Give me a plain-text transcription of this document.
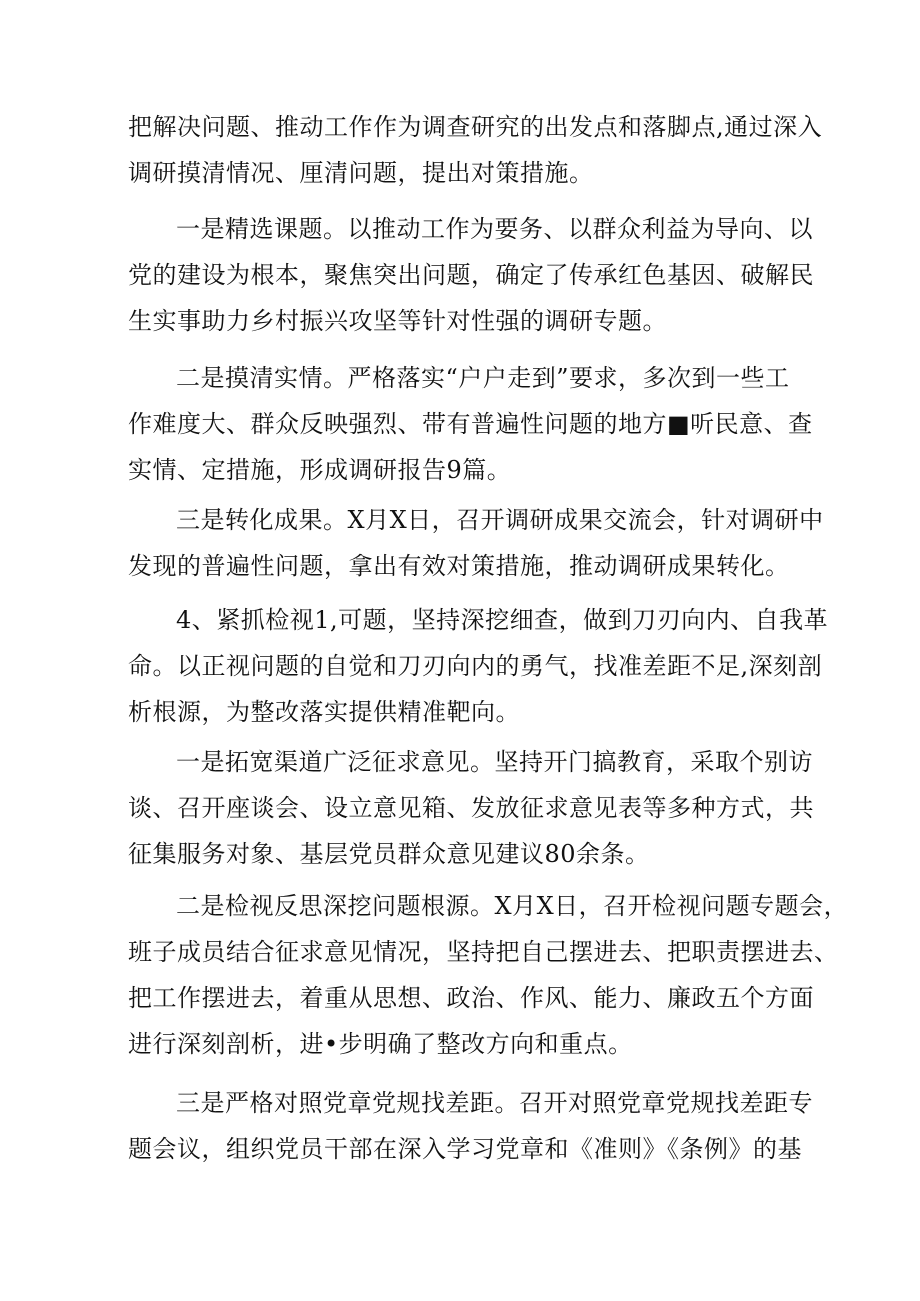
把解决问题、推动工作作为调查研究的出发点和落脚点,通过深入
调研摸清情况、厘清问题，提出对策措施。
一是精选课题。以推动工作为要务、以群众利益为导向、以
党的建设为根本，聚焦突出问题，确定了传承红色基因、破解民
生实事助力乡村振兴攻坚等针对性强的调研专题。
二是摸清实情。严格落实“户户走到”要求，多次到一些工
作难度大、群众反映强烈、带有普遍性问题的地方■听民意、查
实情、定措施，形成调研报告9篇。
三是转化成果。X月X日，召开调研成果交流会，针对调研中
发现的普遍性问题，拿出有效对策措施，推动调研成果转化。
4、紧抓检视1,可题，坚持深挖细查，做到刀刃向内、自我革
命。以正视问题的自觉和刀刃向内的勇气，找准差距不足,深刻剖
析根源，为整改落实提供精准靶向。
一是拓宽渠道广泛征求意见。坚持开门搞教育，采取个别访
谈、召开座谈会、设立意见箱、发放征求意见表等多种方式，共
征集服务对象、基层党员群众意见建议80余条。
二是检视反思深挖问题根源。X月X日，召开检视问题专题会，
班子成员结合征求意见情况，坚持把自己摆进去、把职责摆进去、
把工作摆进去，着重从思想、政治、作风、能力、廉政五个方面
进行深刻剖析，进•步明确了整改方向和重点。
三是严格对照党章党规找差距。召开对照党章党规找差距专
题会议，组织党员干部在深入学习党章和《准则》《条例》的基
